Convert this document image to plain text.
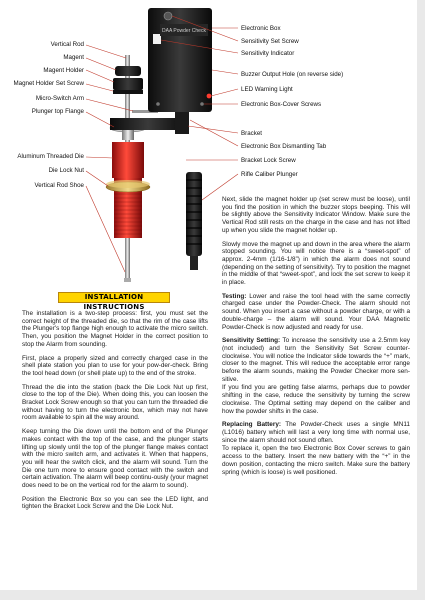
DAA Powder Check
Vertical Rod
Magent
Magent Holder
Magnet Holder Set Screw
Micro-Switch Arm
Plunger top Flange
Aluminum Threaded Die
Die Lock Nut
Vertical Rod Shoe
Electronic Box
Sensitivity Set Screw
Sensitivity Indicator
Buzzer Output Hole (on reverse side)
LED Warning Light
Electronic Box-Cover Screws
Bracket
Electronic Box Dismantling Tab
Bracket Lock Screw
Rifle Caliber Plunger
INSTALLATION INSTRUCTIONS

The installation is a two-step process: first, you must set the correct height of the threaded die, so that the rim of the case lifts the Plunger's top flange high enough to activate the micro switch. Then, you position the Magnet Holder in the correct position to stop the Alarm from sounding.

First, place a properly sized and correctly charged case in the shell plate station you plan to use for your pow-der-check. Bring the tool head down (or shell plate up) to the end of the stroke.

Thread the die into the station (back the Die Lock Nut up first, close to the top of the Die). When doing this, you can loosen the Bracket Lock Screw enough so that you can turn the threaded die without having to turn the electronic box, which may not have room available to spin all the way around.

Keep turning the Die down until the bottom end of the Plunger makes contact with the top of the case, and the plunger starts lifting up slowly until the top of the plunger flange makes contact with the micro switch arm, and activates it. When that happens, you will hear the switch click, and the alarm will sound. Turn the Die one turn more to ensure good contact with the switch and certain activation. The alarm will beep continu-ously (your magnet does need to be on the vertical rod for the alarm to sound).

Position the Electronic Box so you can see the LED light, and tighten the Bracket Lock Screw and the Die Lock Nut.

Next, slide the magnet holder up (set screw must be loose), until you find the position in which the buzzer stops beeping. This will be slightly above the Sensitivity Indicator Window. Make sure the Vertical Rod still rests on the charge in the case and has not lifted up when you slide the magnet holder up.

Slowly move the magnet up and down in the area where the alarm stopped sounding. You will notice there is a “sweet-spot” of approx. 2-4mm (1/16-1/8”) in which the alarm does not sound (depending on the setting of sensitivity). Try to position the magnet in the middle of that “sweet-spot”, and lock the set screw to keep it in place.

Testing: Lower and raise the tool head with the same correctly charged case under the Powder-Check. The alarm should not sound. When you insert a case without a powder charge, or with a double-charge – the alarm will sound. Your DAA Magnetic Powder-Check is now adjusted and ready for use.

Sensitivity Setting: To increase the sensitivity use a 2.5mm key (not included) and turn the Sensitivity Set Screw counter-clockwise. You will notice the Indicator slide towards the “+” mark, closer to the magnet. This will reduce the acceptable error range before the alarm sounds, making the Powder Checker more sen-sitive.

If you find you are getting false alarms, perhaps due to powder shifting in the case, reduce the sensitivity by turning the screw clockwise. The Optimal setting may depend on the caliber and how the powder shifts in the case.

Replacing Battery: The Powder-Check uses a single MN11 (L1016) battery which will last a very long time with normal use, since the alarm should not sound often.

To replace it, open the two Electronic Box Cover screws to gain access to the battery. Insert the new battery with the “+” in the down position, contacting the micro switch. Make sure the battery spring (which is loose) is well positioned.
